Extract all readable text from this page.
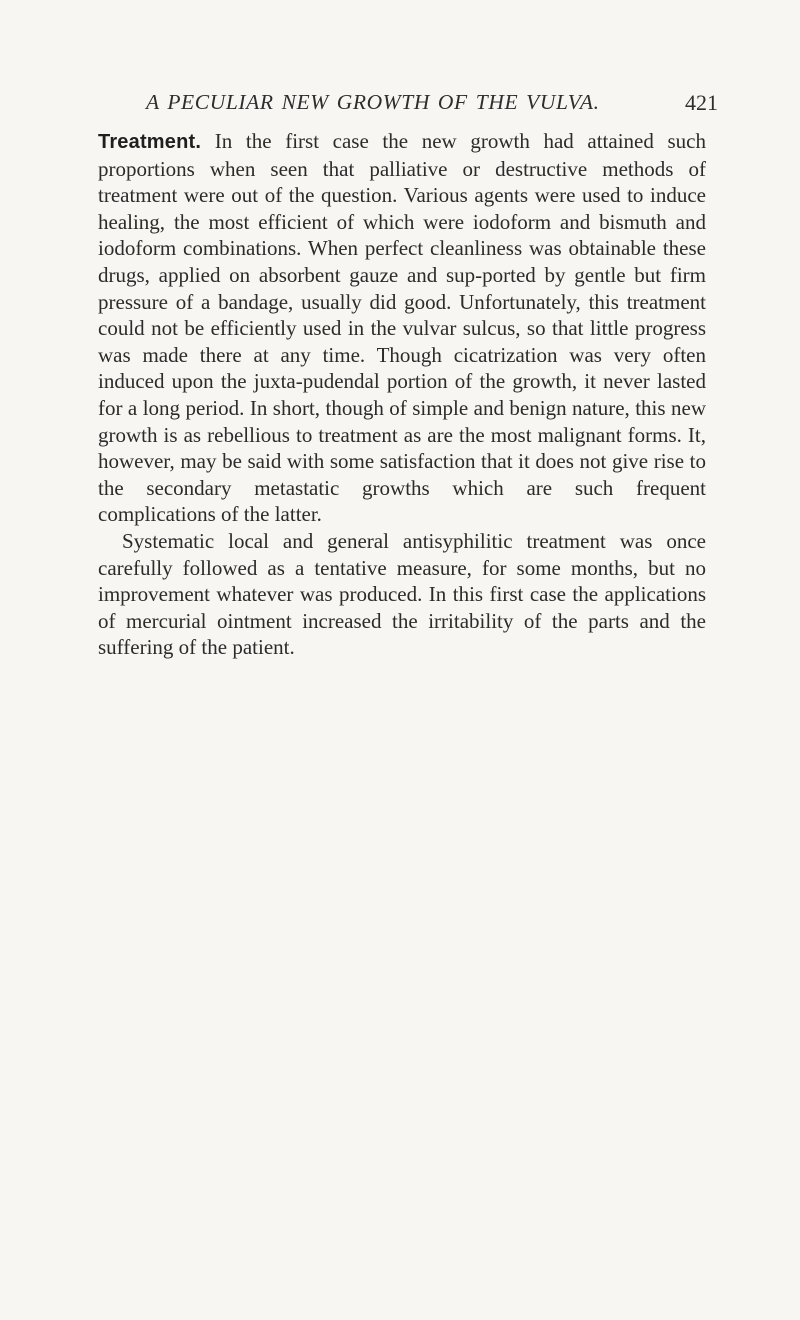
A PECULIAR NEW GROWTH OF THE VULVA.	421

Treatment. In the first case the new growth had attained such proportions when seen that palliative or destructive methods of treatment were out of the question. Various agents were used to induce healing, the most efficient of which were iodoform and bismuth and iodoform combinations. When perfect cleanliness was obtainable these drugs, applied on absorbent gauze and sup-ported by gentle but firm pressure of a bandage, usually did good. Unfortunately, this treatment could not be efficiently used in the vulvar sulcus, so that little progress was made there at any time. Though cicatrization was very often induced upon the juxta-pudendal portion of the growth, it never lasted for a long period. In short, though of simple and benign nature, this new growth is as rebellious to treatment as are the most malignant forms. It, however, may be said with some satisfaction that it does not give rise to the secondary metastatic growths which are such frequent complications of the latter.

Systematic local and general antisyphilitic treatment was once carefully followed as a tentative measure, for some months, but no improvement whatever was produced. In this first case the applications of mercurial ointment increased the irritability of the parts and the suffering of the patient.
